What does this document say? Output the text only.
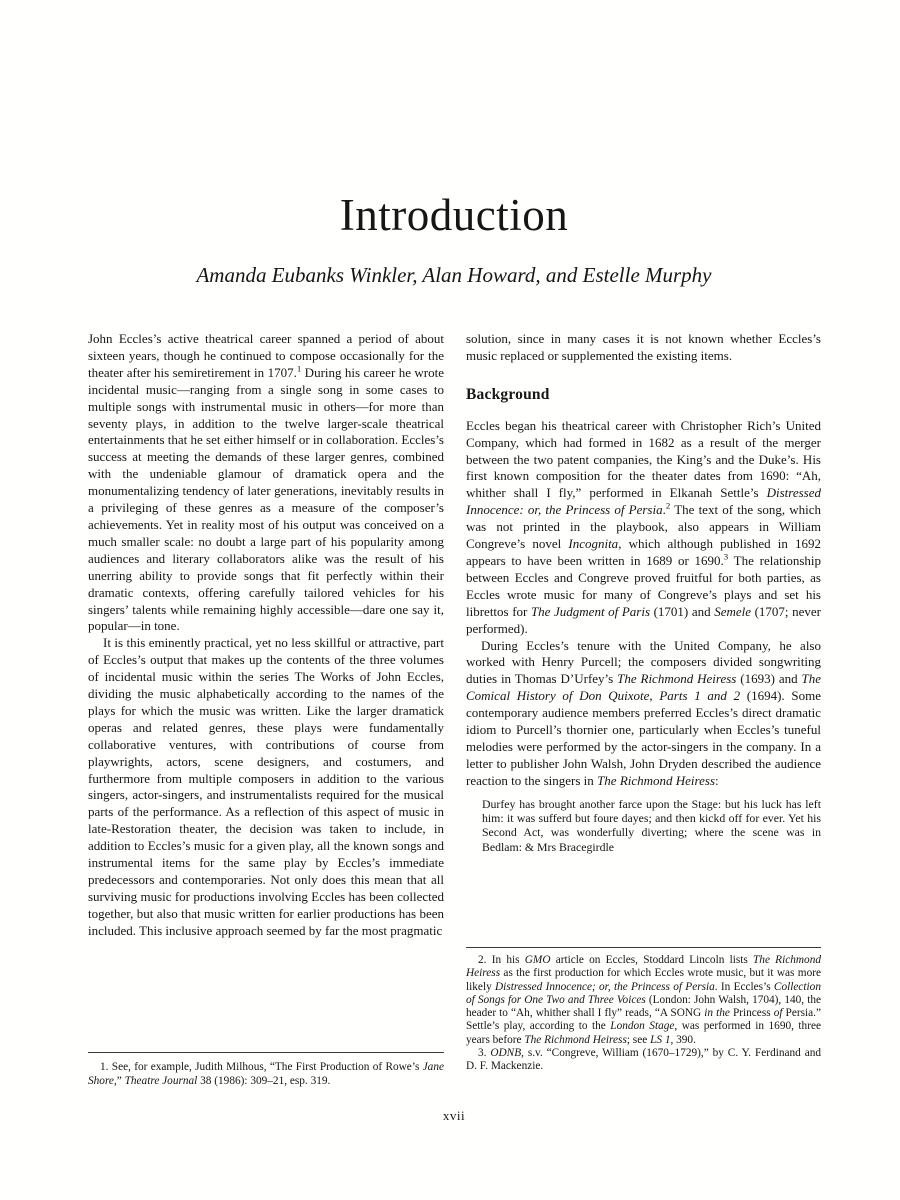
Introduction
Amanda Eubanks Winkler, Alan Howard, and Estelle Murphy

John Eccles’s active theatrical career spanned a period of about sixteen years, though he continued to compose occasionally for the theater after his semiretirement in 1707.$^1$ During his career he wrote incidental music—ranging from a single song in some cases to multiple songs with instrumental music in others—for more than seventy plays, in addition to the twelve larger-scale theatrical entertainments that he set either himself or in collaboration. Eccles’s success at meeting the demands of these larger genres, combined with the undeniable glamour of dramatick opera and the monumentalizing tendency of later generations, inevitably results in a privileging of these genres as a measure of the composer’s achievements. Yet in reality most of his output was conceived on a much smaller scale: no doubt a large part of his popularity among audiences and literary collaborators alike was the result of his unerring ability to provide songs that fit perfectly within their dramatic contexts, offering carefully tailored vehicles for his singers’ talents while remaining highly accessible—dare one say it, popular—in tone.

It is this eminently practical, yet no less skillful or attractive, part of Eccles’s output that makes up the contents of the three volumes of incidental music within the series The Works of John Eccles, dividing the music alphabetically according to the names of the plays for which the music was written. Like the larger dramatick operas and related genres, these plays were fundamentally collaborative ventures, with contributions of course from playwrights, actors, scene designers, and costumers, and furthermore from multiple composers in addition to the various singers, actor-singers, and instrumentalists required for the musical parts of the performance. As a reflection of this aspect of music in late-Restoration theater, the decision was taken to include, in addition to Eccles’s music for a given play, all the known songs and instrumental items for the same play by Eccles’s immediate predecessors and contemporaries. Not only does this mean that all surviving music for productions involving Eccles has been collected together, but also that music written for earlier productions has been included. This inclusive approach seemed by far the most pragmatic

solution, since in many cases it is not known whether Eccles’s music replaced or supplemented the existing items.

Background

Eccles began his theatrical career with Christopher Rich’s United Company, which had formed in 1682 as a result of the merger between the two patent companies, the King’s and the Duke’s. His first known composition for the theater dates from 1690: “Ah, whither shall I fly,” performed in Elkanah Settle’s Distressed Innocence: or, the Princess of Persia.$^2$ The text of the song, which was not printed in the playbook, also appears in William Congreve’s novel Incognita, which although published in 1692 appears to have been written in 1689 or 1690.$^3$ The relationship between Eccles and Congreve proved fruitful for both parties, as Eccles wrote music for many of Congreve’s plays and set his librettos for The Judgment of Paris (1701) and Semele (1707; never performed).

During Eccles’s tenure with the United Company, he also worked with Henry Purcell; the composers divided songwriting duties in Thomas D’Urfey’s The Richmond Heiress (1693) and The Comical History of Don Quixote, Parts 1 and 2 (1694). Some contemporary audience members preferred Eccles’s direct dramatic idiom to Purcell’s thornier one, particularly when Eccles’s tuneful melodies were performed by the actor-singers in the company. In a letter to publisher John Walsh, John Dryden described the audience reaction to the singers in The Richmond Heiress:

Durfey has brought another farce upon the Stage: but his luck has left him: it was sufferd but foure dayes; and then kickd off for ever. Yet his Second Act, was wonderfully diverting; where the scene was in Bedlam: & Mrs Bracegirdle

1. See, for example, Judith Milhous, “The First Production of Rowe’s Jane Shore,” Theatre Journal 38 (1986): 309–21, esp. 319.

2. In his GMO article on Eccles, Stoddard Lincoln lists The Richmond Heiress as the first production for which Eccles wrote music, but it was more likely Distressed Innocence; or, the Princess of Persia. In Eccles’s Collection of Songs for One Two and Three Voices (London: John Walsh, 1704), 140, the header to “Ah, whither shall I fly” reads, “A SONG in the Princess of Persia.” Settle’s play, according to the London Stage, was performed in 1690, three years before The Richmond Heiress; see LS 1, 390.

3. ODNB, s.v. “Congreve, William (1670–1729),” by C. Y. Ferdinand and D. F. Mackenzie.

xvii
